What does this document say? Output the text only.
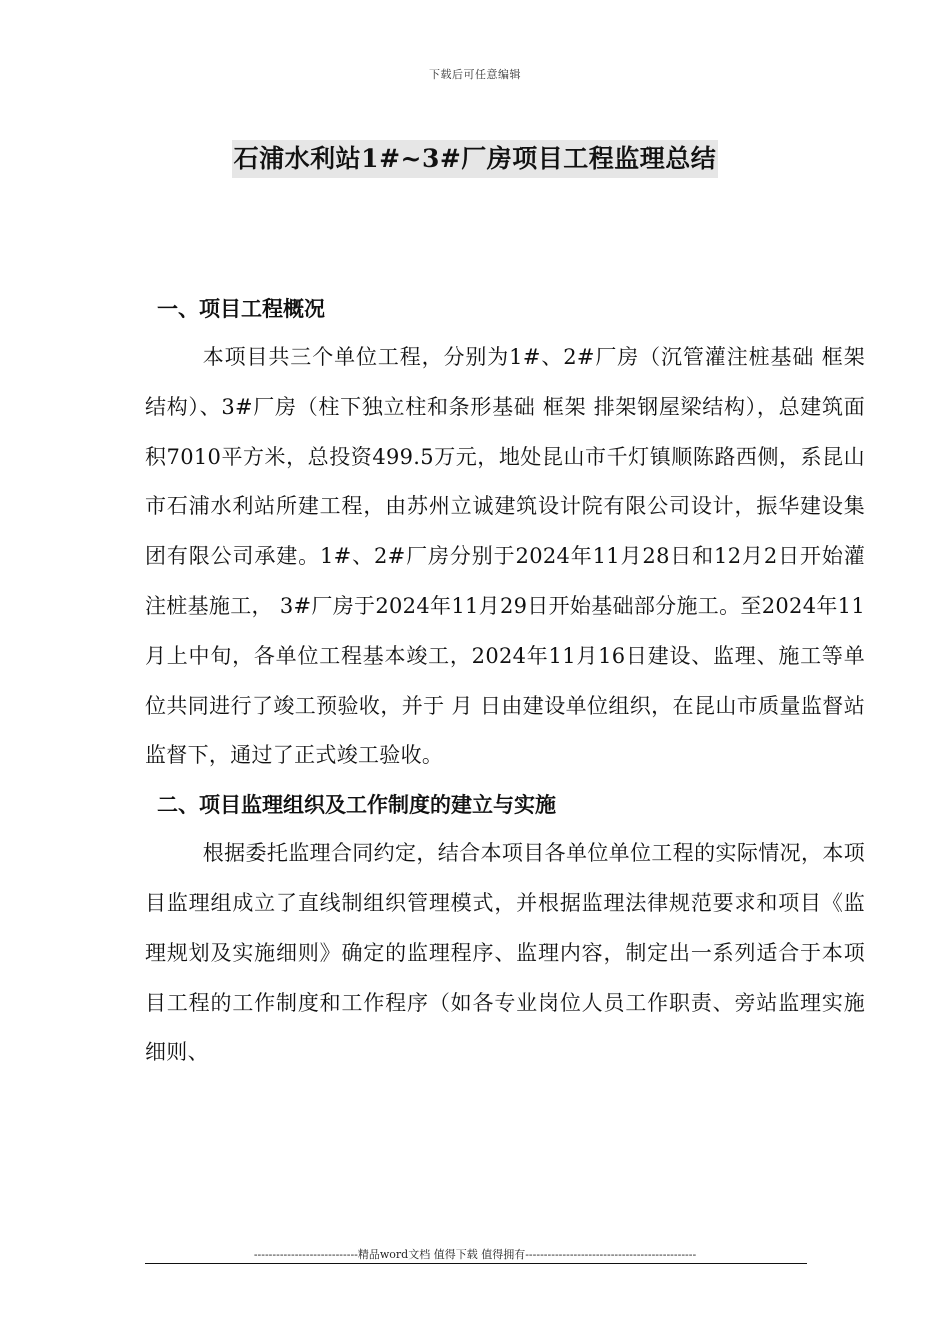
下载后可任意编辑
石浦水利站1#~3#厂房项目工程监理总结

一、项目工程概况

本项目共三个单位工程，分别为1#、2#厂房（沉管灌注桩基础 框架结构）、3#厂房（柱下独立柱和条形基础 框架 排架钢屋梁结构），总建筑面积7010平方米，总投资499.5万元，地处昆山市千灯镇顺陈路西侧，系昆山市石浦水利站所建工程，由苏州立诚建筑设计院有限公司设计，振华建设集团有限公司承建。1#、2#厂房分别于2024年11月28日和12月2日开始灌注桩基施工， 3#厂房于2024年11月29日开始基础部分施工。至2024年11月上中旬，各单位工程基本竣工，2024年11月16日建设、监理、施工等单位共同进行了竣工预验收，并于 月 日由建设单位组织，在昆山市质量监督站监督下，通过了正式竣工验收。

二、项目监理组织及工作制度的建立与实施

根据委托监理合同约定，结合本项目各单位单位工程的实际情况，本项目监理组成立了直线制组织管理模式，并根据监理法律规范要求和项目《监理规划及实施细则》确定的监理程序、监理内容，制定出一系列适合于本项目工程的工作制度和工作程序（如各专业岗位人员工作职责、旁站监理实施细则、

----------------------------精品word文档 值得下载 值得拥有----------------------------------------------
